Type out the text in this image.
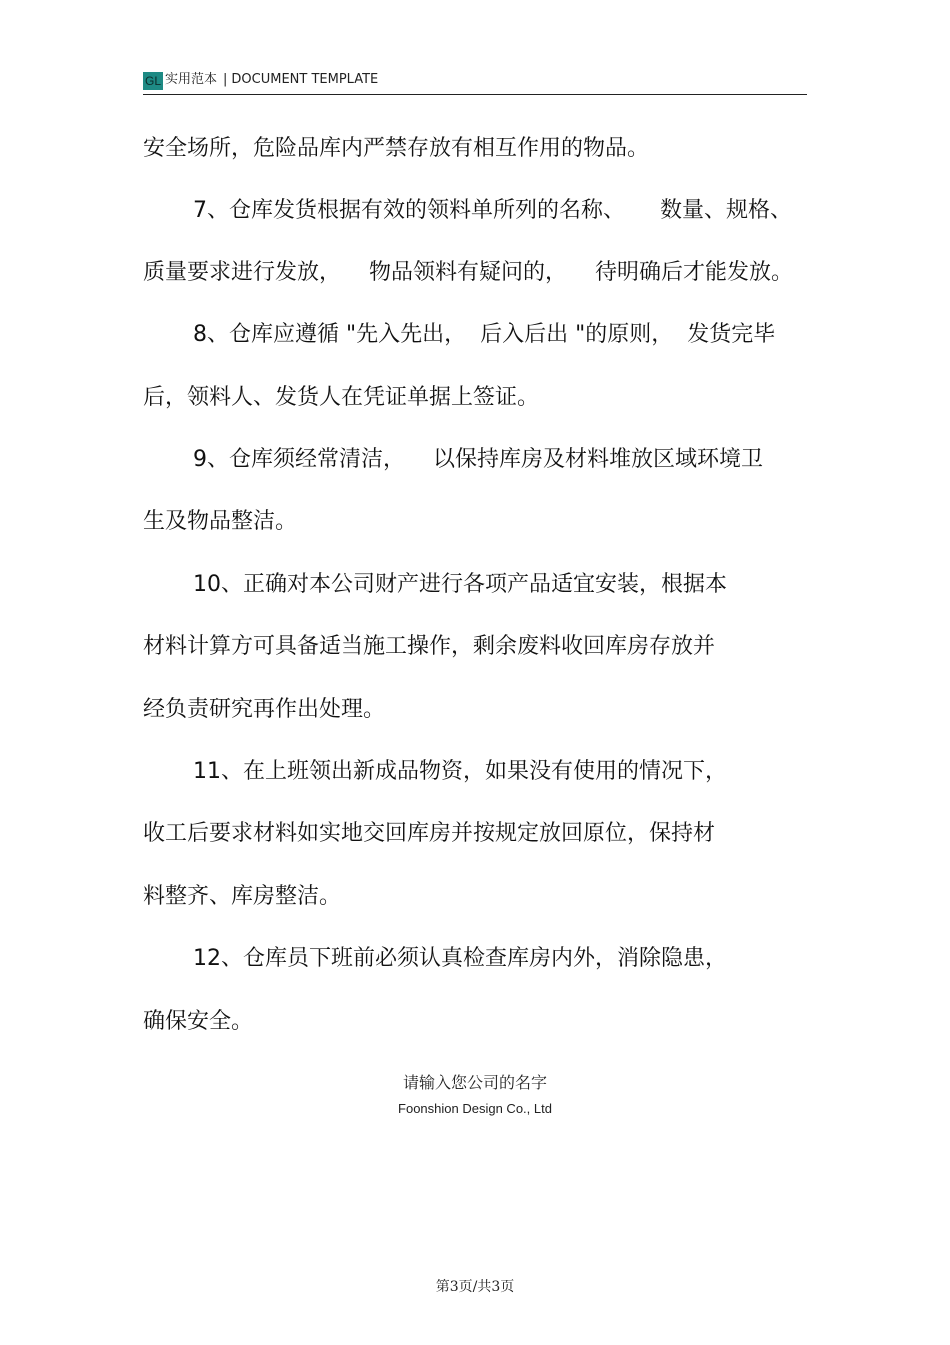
GL 实用范本 | DOCUMENT TEMPLATE
安全场所，危险品库内严禁存放有相互作用的物品。
7、仓库发货根据有效的领料单所列的名称、     数量、规格、
质量要求进行发放，    物品领料有疑问的，    待明确后才能发放。
8、仓库应遵循 "先入先出，  后入后出 "的原则，  发货完毕
后，领料人、发货人在凭证单据上签证。
9、仓库须经常清洁，    以保持库房及材料堆放区域环境卫
生及物品整洁。
10、正确对本公司财产进行各项产品适宜安装，根据本
材料计算方可具备适当施工操作，剩余废料收回库房存放并
经负责研究再作出处理。
11、在上班领出新成品物资，如果没有使用的情况下，
收工后要求材料如实地交回库房并按规定放回原位，保持材
料整齐、库房整洁。
12、仓库员下班前必须认真检查库房内外，消除隐患，
确保安全。
请输入您公司的名字
Foonshion Design Co., Ltd
第3页/共3页
